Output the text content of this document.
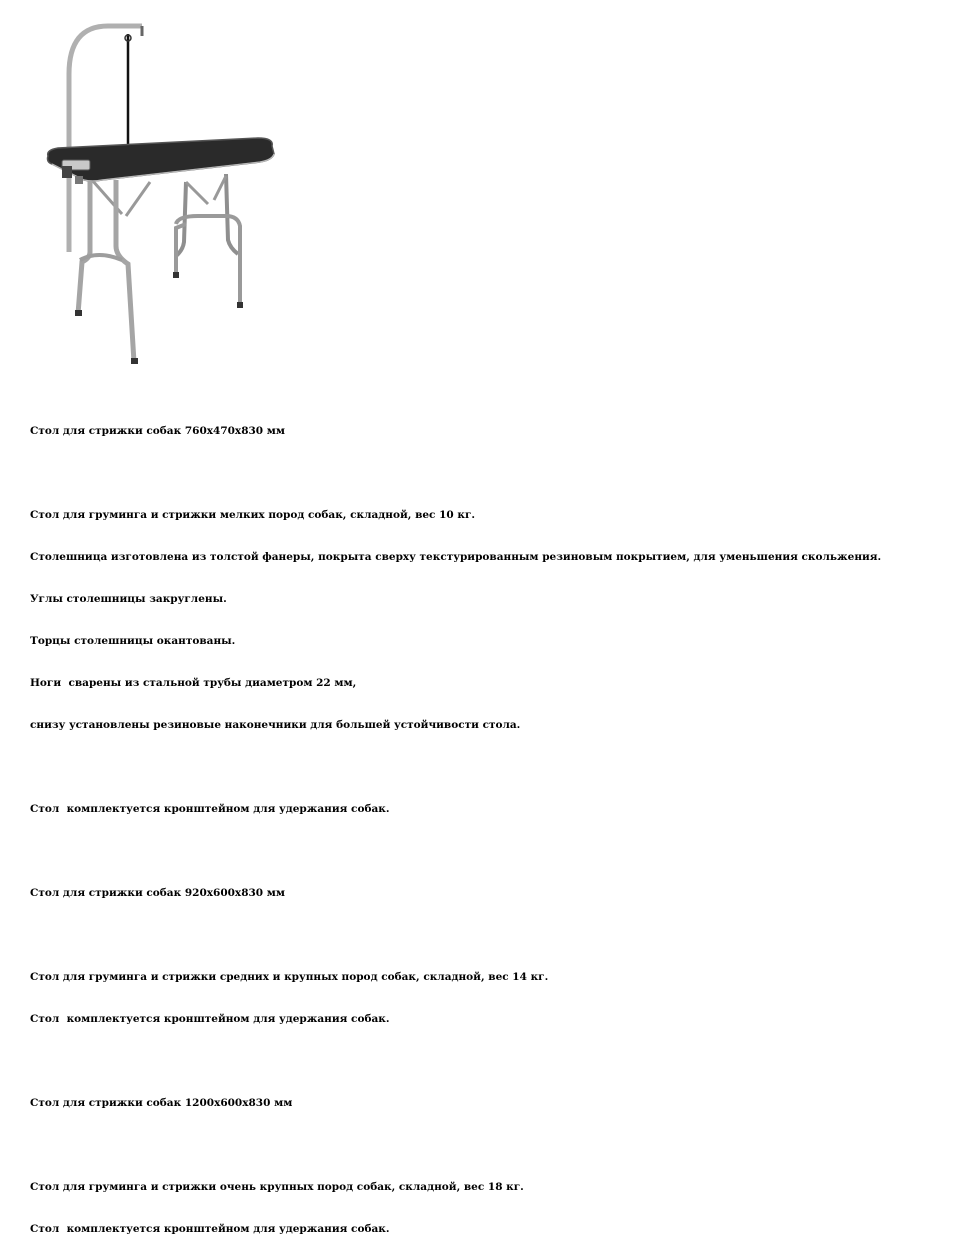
Стол для стрижки собак 760х470х830 мм

Стол для груминга и стрижки мелких пород собак, складной, вес 10 кг.

Столешница изготовлена из толстой фанеры, покрыта сверху текстурированным резиновым покрытием, для уменьшения скольжения.

Углы столешницы закруглены.

Торцы столешницы окантованы.

Ноги  сварены из стальной трубы диаметром 22 мм,

снизу установлены резиновые наконечники для большей устойчивости стола.

Стол  комплектуется кронштейном для удержания собак.

Стол для стрижки собак 920х600х830 мм

Стол для груминга и стрижки средних и крупных пород собак, складной, вес 14 кг.

Стол  комплектуется кронштейном для удержания собак.

Стол для стрижки собак 1200х600х830 мм

Стол для груминга и стрижки очень крупных пород собак, складной, вес 18 кг.

Стол  комплектуется кронштейном для удержания собак.
